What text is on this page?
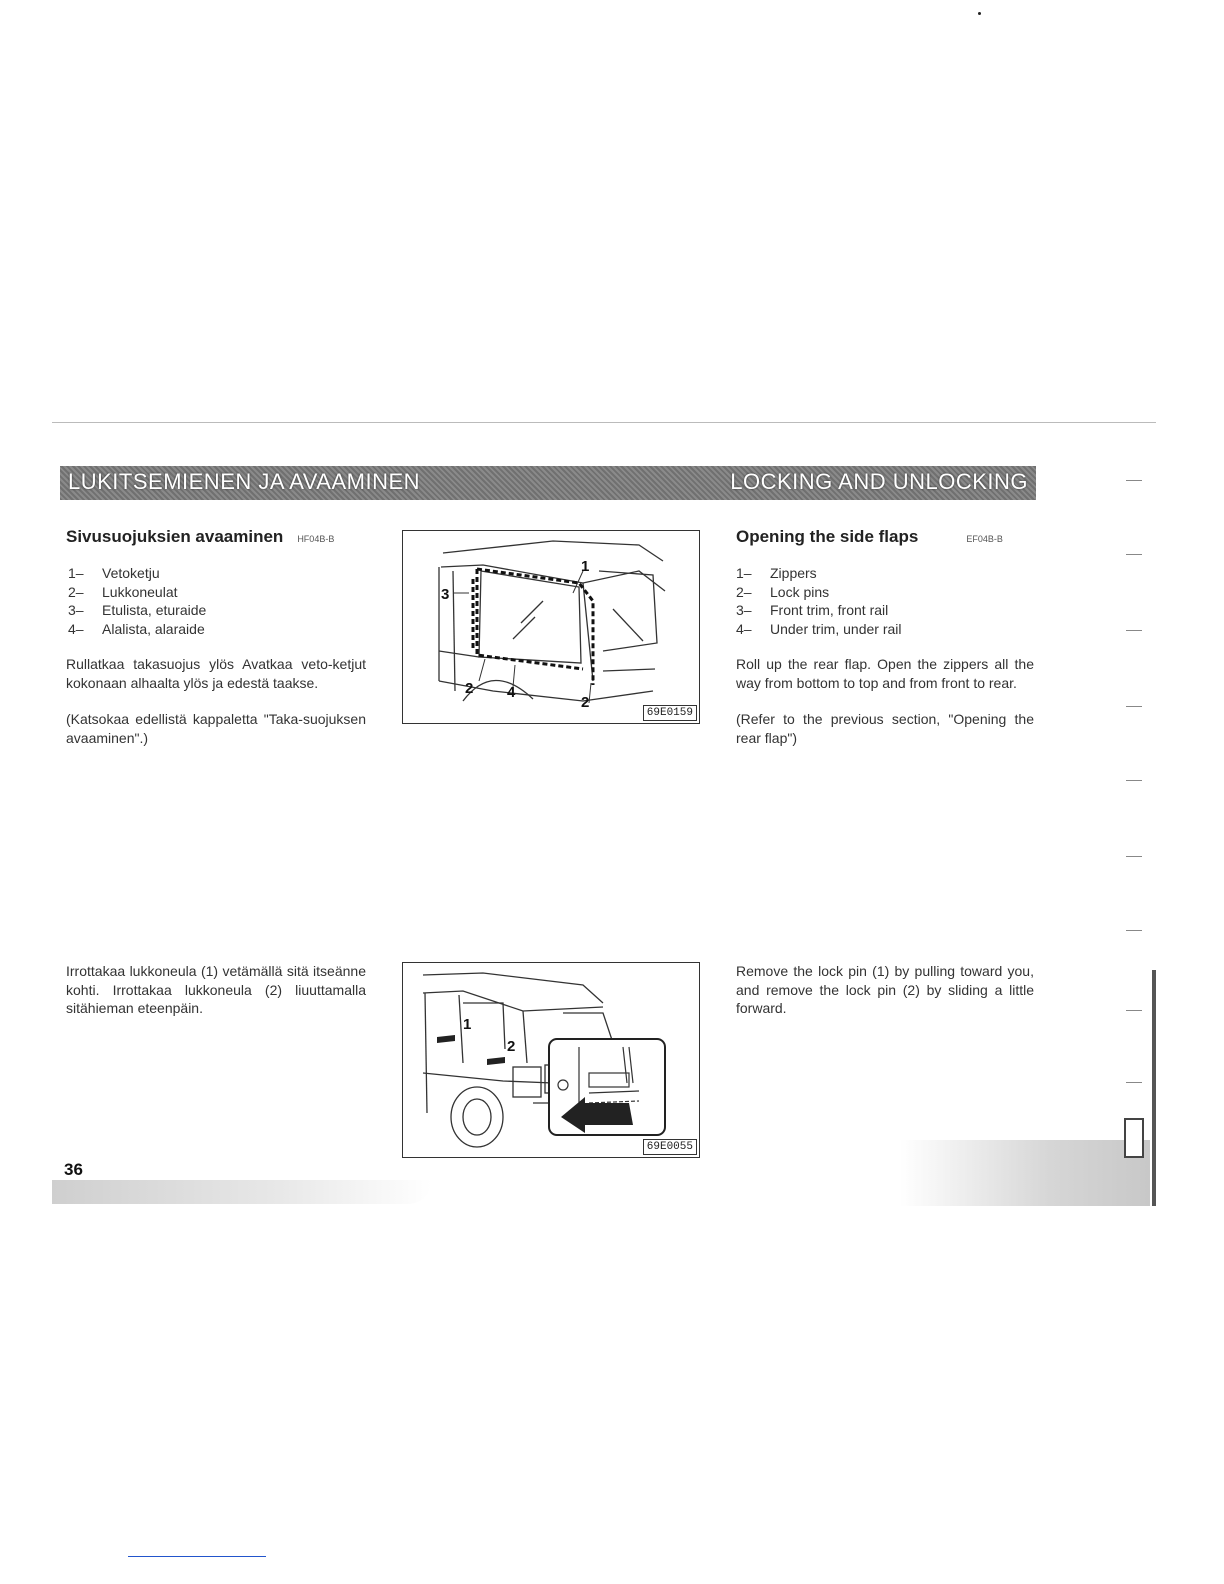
LUKITSEMIENEN JA AVAAMINEN	LOCKING AND UNLOCKING
Sivusuojuksien avaaminen HF04B-B
1–	Vetoketju
2–	Lukkoneulat
3–	Etulista, eturaide
4–	Alalista, alaraide
Rullatkaa takasuojus ylös Avatkaa veto-ketjut kokonaan alhaalta ylös ja edestä taakse.
(Katsokaa edellistä kappaletta "Taka-suojuksen avaaminen".)
Irrottakaa lukkoneula (1) vetämällä sitä itseänne kohti. Irrottakaa lukkoneula (2) liuuttamalla sitähieman eteenpäin.
1
3
2 4
2
69E0159
1
2
69E0055
Opening the side flaps	EF04B-B
1–	Zippers
2–	Lock pins
3–	Front trim, front rail
4–	Under trim, under rail
Roll up the rear flap. Open the zippers all the way from bottom to top and from front to rear.
(Refer to the previous section, "Opening the rear flap")
Remove the lock pin (1) by pulling toward you, and remove the lock pin (2) by sliding a little forward.
36
